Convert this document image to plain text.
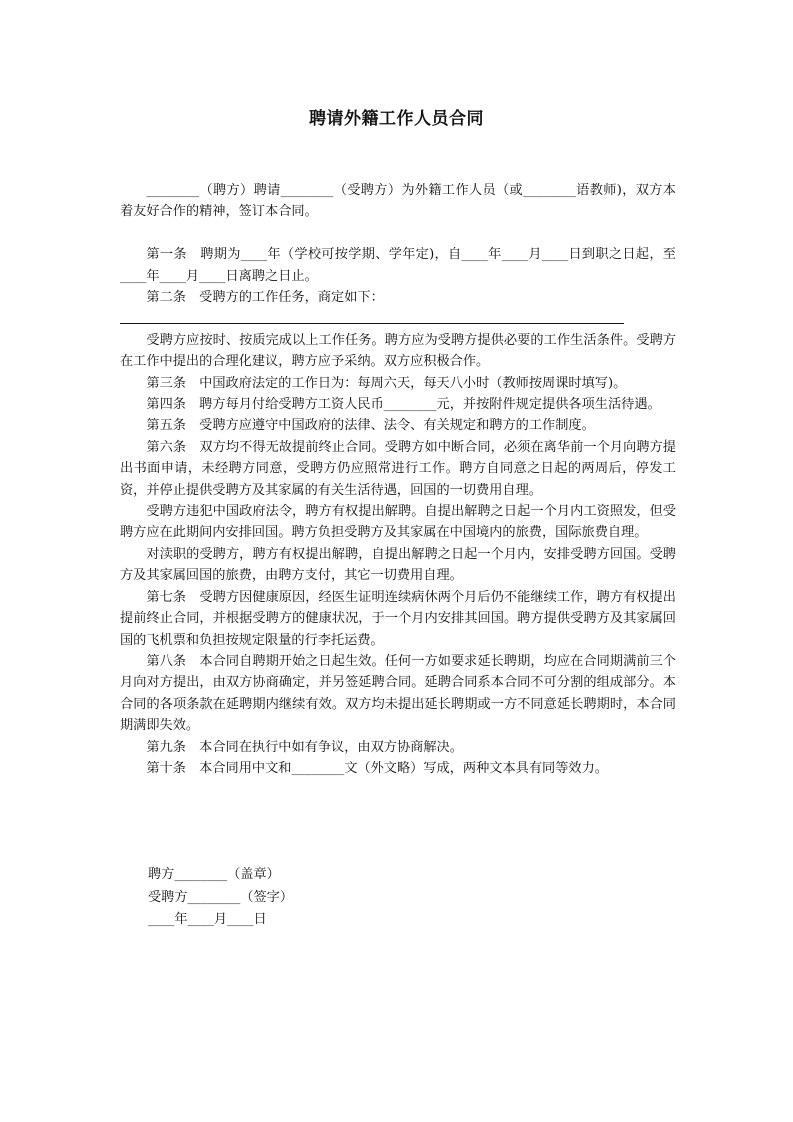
聘请外籍工作人员合同

________（聘方）聘请________（受聘方）为外籍工作人员（或________语教师)，双方本着友好合作的精神，签订本合同。

第一条　聘期为____年（学校可按学期、学年定)，自____年____月____日到职之日起，至____年____月____日离聘之日止。

第二条　受聘方的工作任务，商定如下：

受聘方应按时、按质完成以上工作任务。聘方应为受聘方提供必要的工作生活条件。受聘方在工作中提出的合理化建议，聘方应予采纳。双方应积极合作。

第三条　中国政府法定的工作日为：每周六天，每天八小时（教师按周课时填写)。

第四条　聘方每月付给受聘方工资人民币________元，并按附件规定提供各项生活待遇。

第五条　受聘方应遵守中国政府的法律、法令、有关规定和聘方的工作制度。

第六条　双方均不得无故提前终止合同。受聘方如中断合同，必须在离华前一个月向聘方提出书面申请，未经聘方同意，受聘方仍应照常进行工作。聘方自同意之日起的两周后，停发工资，并停止提供受聘方及其家属的有关生活待遇，回国的一切费用自理。

受聘方违犯中国政府法令，聘方有权提出解聘。自提出解聘之日起一个月内工资照发，但受聘方应在此期间内安排回国。聘方负担受聘方及其家属在中国境内的旅费，国际旅费自理。

对渎职的受聘方，聘方有权提出解聘，自提出解聘之日起一个月内，安排受聘方回国。受聘方及其家属回国的旅费，由聘方支付，其它一切费用自理。

第七条　受聘方因健康原因，经医生证明连续病休两个月后仍不能继续工作，聘方有权提出提前终止合同，并根据受聘方的健康状况，于一个月内安排其回国。聘方提供受聘方及其家属回国的飞机票和负担按规定限量的行李托运费。

第八条　本合同自聘期开始之日起生效。任何一方如要求延长聘期，均应在合同期满前三个月向对方提出，由双方协商确定，并另签延聘合同。延聘合同系本合同不可分割的组成部分。本合同的各项条款在延聘期内继续有效。双方均未提出延长聘期或一方不同意延长聘期时，本合同期满即失效。

第九条　本合同在执行中如有争议，由双方协商解决。

第十条　本合同用中文和________文（外文略）写成，两种文本具有同等效力。

聘方________（盖章）
受聘方________（签字）
____年____月____日
